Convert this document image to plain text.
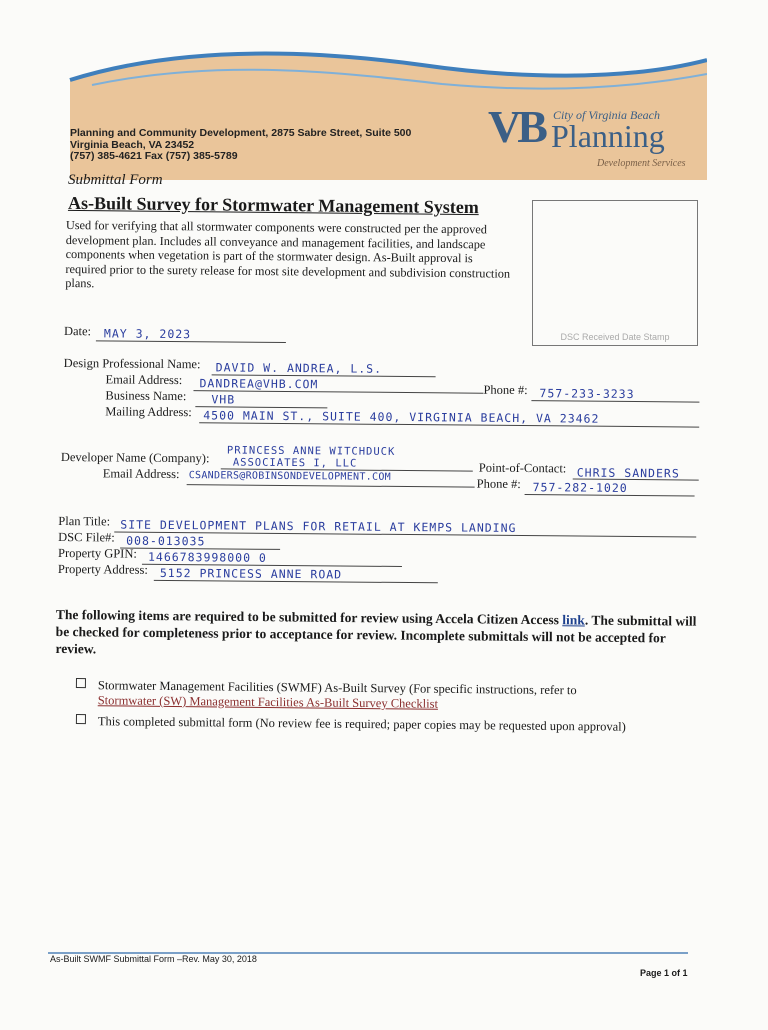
Planning and Community Development, 2875 Sabre Street, Suite 500
Virginia Beach, VA 23452
(757) 385-4621 Fax (757) 385-5789
VB City of Virginia Beach
Planning
Development Services
Submittal Form
As-Built Survey for Stormwater Management System
Used for verifying that all stormwater components were constructed per the approved development plan. Includes all conveyance and management facilities, and landscape components when vegetation is part of the stormwater design. As-Built approval is required prior to the surety release for most site development and subdivision construction plans.
DSC Received Date Stamp
Date: MAY 3, 2023
Design Professional Name: DAVID W. ANDREA, L.S.
Email Address: DANDREA@VHB.COM	Phone #: 757-233-3233
Business Name: VHB
Mailing Address: 4500 MAIN ST., SUITE 400, VIRGINIA BEACH, VA 23462
Developer Name (Company): PRINCESS ANNE WITCHDUCK
ASSOCIATES I, LLC	Point-of-Contact: CHRIS SANDERS
Email Address: CSANDERS@ROBINSONDEVELOPMENT.COM
Phone #: 757-282-1020
Plan Title: SITE DEVELOPMENT PLANS FOR RETAIL AT KEMPS LANDING
DSC File#: 008-013035
Property GPIN: 1466783998000 0
Property Address: 5152 PRINCESS ANNE ROAD
The following items are required to be submitted for review using Accela Citizen Access link. The submittal will be checked for completeness prior to acceptance for review. Incomplete submittals will not be accepted for review.
Stormwater Management Facilities (SWMF) As-Built Survey (For specific instructions, refer to
Stormwater (SW) Management Facilities As-Built Survey Checklist
This completed submittal form (No review fee is required; paper copies may be requested upon approval)
As-Built SWMF Submittal Form –Rev. May 30, 2018
Page 1 of 1
